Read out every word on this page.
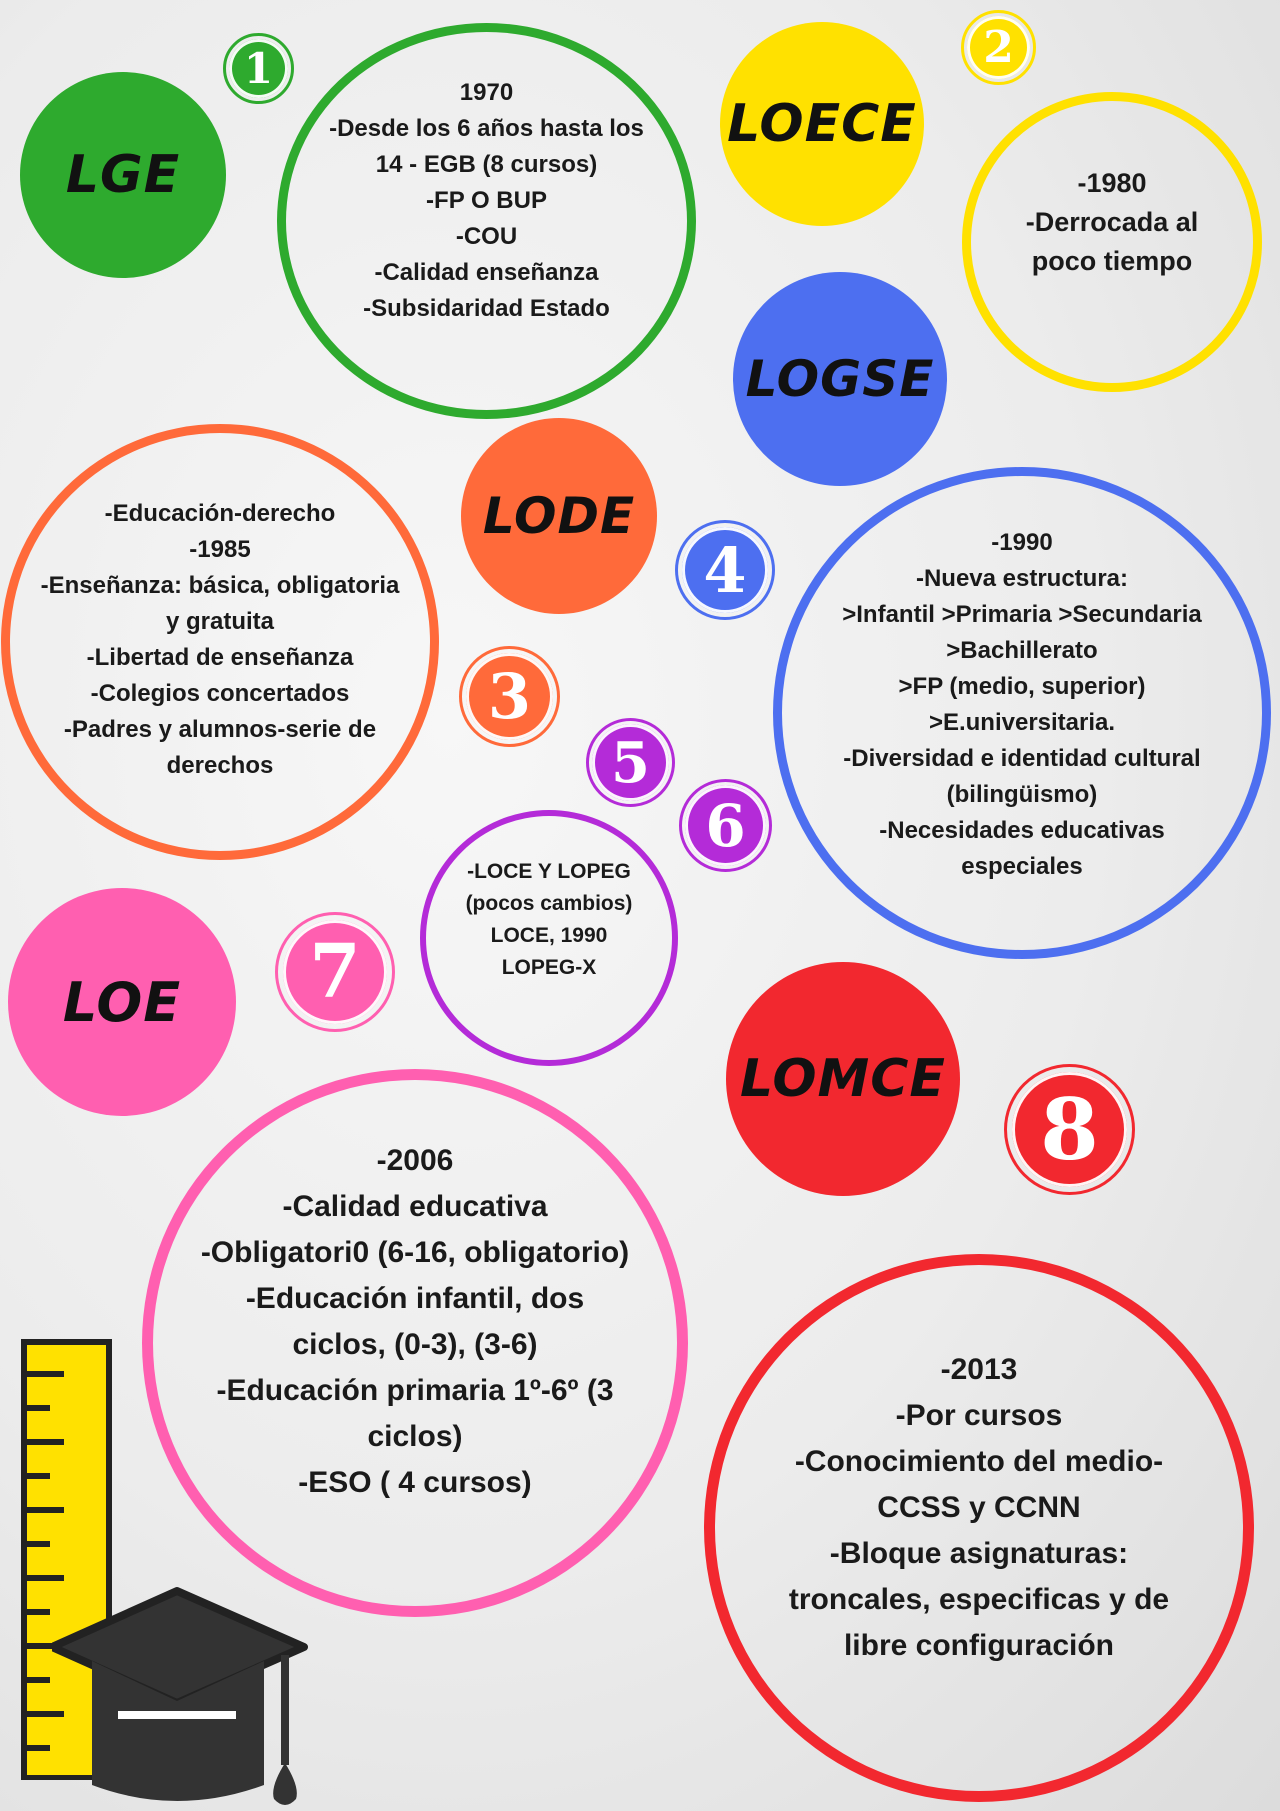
LGE
LOECE
LOGSE
LODE
LOE
LOMCE
1	2
3
4
5
6
7
8
1970
-Desde los 6 años hasta los
14 - EGB (8 cursos)
-FP O BUP
-COU
-Calidad enseñanza
-Subsidaridad Estado
-1980
-Derrocada al
poco tiempo
-Educación-derecho
-1985
-Enseñanza: básica, obligatoria
y gratuita
-Libertad de enseñanza
-Colegios concertados
-Padres y alumnos-serie de
derechos
-1990
-Nueva estructura:
>Infantil >Primaria >Secundaria
>Bachillerato
>FP (medio, superior)
>E.universitaria.
-Diversidad e identidad cultural
(bilingüismo)
-Necesidades educativas
especiales
-LOCE Y LOPEG
(pocos cambios)
LOCE, 1990
LOPEG-X
-2006
-Calidad educativa
-Obligatori0 (6-16, obligatorio)
-Educación infantil, dos
ciclos, (0-3), (3-6)
-Educación primaria 1º-6º (3
ciclos)
-ESO ( 4 cursos)
-2013
-Por cursos
-Conocimiento del medio-
CCSS y CCNN
-Bloque asignaturas:
troncales, especificas y de
libre configuración
